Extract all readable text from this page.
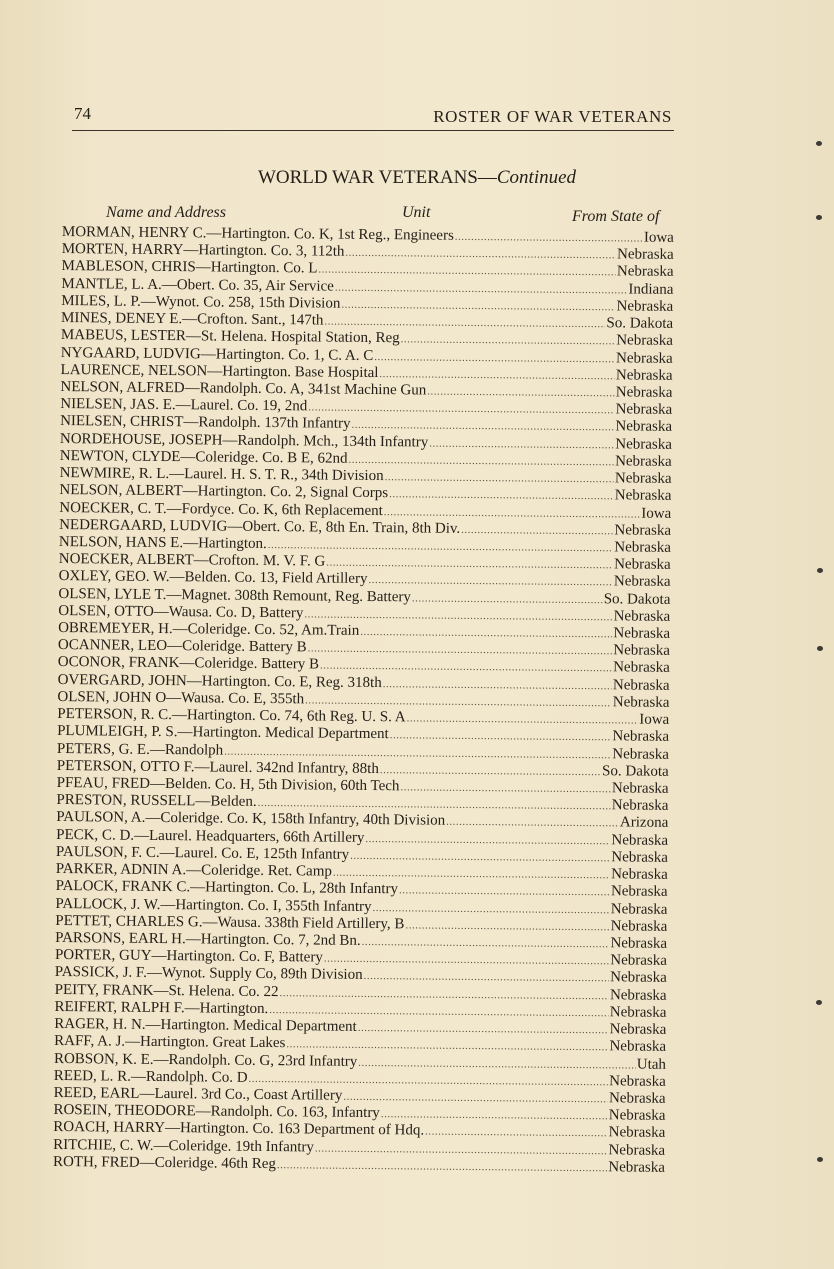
74	ROSTER OF WAR VETERANS
WORLD WAR VETERANS—Continued
Name and Address	Unit	From State of
MORMAN, HENRY C.—Hartington. Co. K, 1st Reg., Engineers .....	Iowa
MORTEN, HARRY—Hartington. Co. 3, 112th .....	Nebraska
MABLESON, CHRIS—Hartington. Co. L .....	Nebraska
MANTLE, L. A.—Obert. Co. 35, Air Service .....	Indiana
MILES, L. P.—Wynot. Co. 258, 15th Division .....	Nebraska
MINES, DENEY E.—Crofton. Sant., 147th .....	So. Dakota
MABEUS, LESTER—St. Helena. Hospital Station, Reg .....	Nebraska
NYGAARD, LUDVIG—Hartington. Co. 1, C. A. C .....	Nebraska
LAURENCE, NELSON—Hartington. Base Hospital .....	Nebraska
NELSON, ALFRED—Randolph. Co. A, 341st Machine Gun .....	Nebraska
NIELSEN, JAS. E.—Laurel. Co. 19, 2nd .....	Nebraska
NIELSEN, CHRIST—Randolph. 137th Infantry .....	Nebraska
NORDEHOUSE, JOSEPH—Randolph. Mch., 134th Infantry .....	Nebraska
NEWTON, CLYDE—Coleridge. Co. B E, 62nd .....	Nebraska
NEWMIRE, R. L.—Laurel. H. S. T. R., 34th Division .....	Nebraska
NELSON, ALBERT—Hartington. Co. 2, Signal Corps .....	Nebraska
NOECKER, C. T.—Fordyce. Co. K, 6th Replacement .....	Iowa
NEDERGAARD, LUDVIG—Obert. Co. E, 8th En. Train, 8th Div. .....	Nebraska
NELSON, HANS E.—Hartington. .....	Nebraska
NOECKER, ALBERT—Crofton. M. V. F. G .....	Nebraska
OXLEY, GEO. W.—Belden. Co. 13, Field Artillery .....	Nebraska
OLSEN, LYLE T.—Magnet. 308th Remount, Reg. Battery .....	So. Dakota
OLSEN, OTTO—Wausa. Co. D, Battery .....	Nebraska
OBREMEYER, H.—Coleridge. Co. 52, Am.Train .....	Nebraska
OCANNER, LEO—Coleridge. Battery B .....	Nebraska
OCONOR, FRANK—Coleridge. Battery B .....	Nebraska
OVERGARD, JOHN—Hartington. Co. E, Reg. 318th .....	Nebraska
OLSEN, JOHN O—Wausa. Co. E, 355th .....	Nebraska
PETERSON, R. C.—Hartington. Co. 74, 6th Reg. U. S. A .....	Iowa
PLUMLEIGH, P. S.—Hartington. Medical Department .....	Nebraska
PETERS, G. E.—Randolph .....	Nebraska
PETERSON, OTTO F.—Laurel. 342nd Infantry, 88th .....	So. Dakota
PFEAU, FRED—Belden. Co. H, 5th Division, 60th Tech .....	Nebraska
PRESTON, RUSSELL—Belden. .....	Nebraska
PAULSON, A.—Coleridge. Co. K, 158th Infantry, 40th Division .....	Arizona
PECK, C. D.—Laurel. Headquarters, 66th Artillery .....	Nebraska
PAULSON, F. C.—Laurel. Co. E, 125th Infantry .....	Nebraska
PARKER, ADNIN A.—Coleridge. Ret. Camp .....	Nebraska
PALOCK, FRANK C.—Hartington. Co. L, 28th Infantry .....	Nebraska
PALLOCK, J. W.—Hartington. Co. I, 355th Infantry .....	Nebraska
PETTET, CHARLES G.—Wausa. 338th Field Artillery, B .....	Nebraska
PARSONS, EARL H.—Hartington. Co. 7, 2nd Bn. .....	Nebraska
PORTER, GUY—Hartington. Co. F, Battery .....	Nebraska
PASSICK, J. F.—Wynot. Supply Co, 89th Division .....	Nebraska
PEITY, FRANK—St. Helena. Co. 22 .....	Nebraska
REIFERT, RALPH F.—Hartington. .....	Nebraska
RAGER, H. N.—Hartington. Medical Department .....	Nebraska
RAFF, A. J.—Hartington. Great Lakes .....	Nebraska
ROBSON, K. E.—Randolph. Co. G, 23rd Infantry .....	Utah
REED, L. R.—Randolph. Co. D .....	Nebraska
REED, EARL—Laurel. 3rd Co., Coast Artillery .....	Nebraska
ROSEIN, THEODORE—Randolph. Co. 163, Infantry .....	Nebraska
ROACH, HARRY—Hartington. Co. 163 Department of Hdq. .....	Nebraska
RITCHIE, C. W.—Coleridge. 19th Infantry .....	Nebraska
ROTH, FRED—Coleridge. 46th Reg .....	Nebraska
